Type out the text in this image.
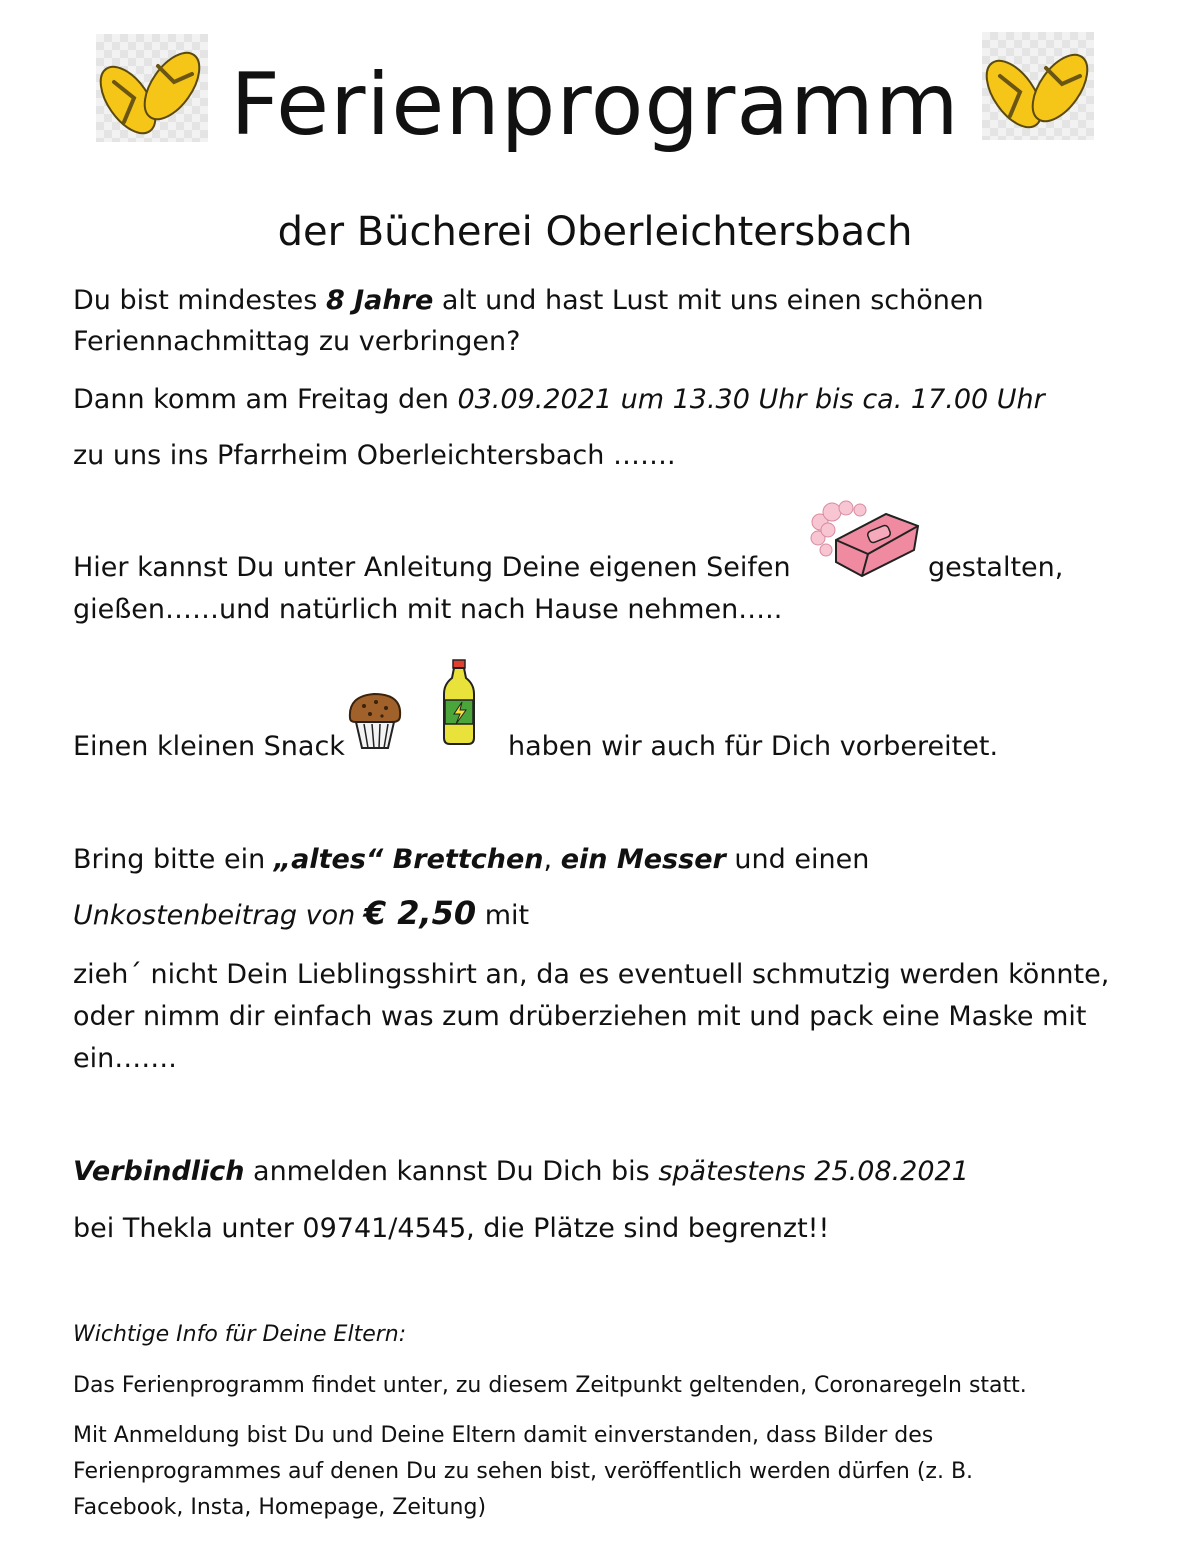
Ferienprogramm
der Bücherei Oberleichtersbach
Du bist mindestes 8 Jahre alt und hast Lust mit uns einen schönen
Feriennachmittag zu verbringen?
Dann komm am Freitag den 03.09.2021 um 13.30 Uhr bis ca. 17.00 Uhr
zu uns ins Pfarrheim Oberleichtersbach …….
Hier kannst Du unter Anleitung Deine eigenen Seifen	gestalten,
gießen……und natürlich mit nach Hause nehmen…..
Einen kleinen Snack	haben wir auch für Dich vorbereitet.
Bring bitte ein „altes“ Brettchen, ein Messer und einen
Unkostenbeitrag von € 2,50 mit
zieh´ nicht Dein Lieblingsshirt an, da es eventuell schmutzig werden könnte,
oder nimm dir einfach was zum drüberziehen mit und pack eine Maske mit
ein…….
Verbindlich anmelden kannst Du Dich bis spätestens 25.08.2021
bei Thekla unter 09741/4545, die Plätze sind begrenzt!!
Wichtige Info für Deine Eltern:
Das Ferienprogramm findet unter, zu diesem Zeitpunkt geltenden, Coronaregeln statt.
Mit Anmeldung bist Du und Deine Eltern damit einverstanden, dass Bilder des
Ferienprogrammes auf denen Du zu sehen bist, veröffentlich werden dürfen (z. B.
Facebook, Insta, Homepage, Zeitung)
